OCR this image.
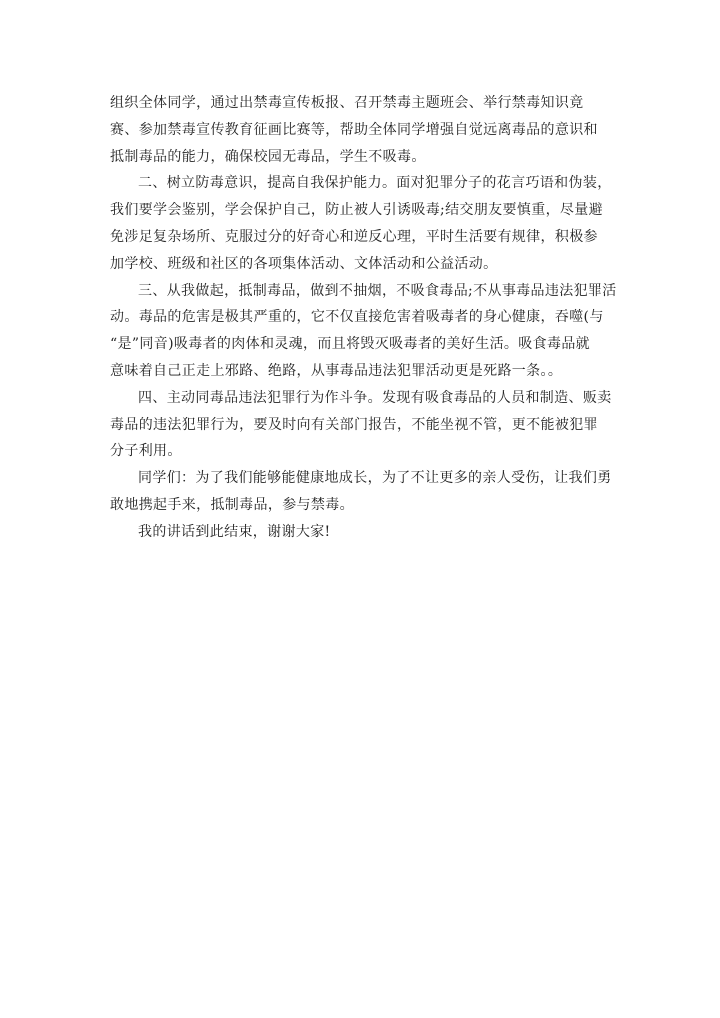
组织全体同学，通过出禁毒宣传板报、召开禁毒主题班会、举行禁毒知识竟
赛、参加禁毒宣传教育征画比赛等，帮助全体同学增强自觉远离毒品的意识和
抵制毒品的能力，确保校园无毒品，学生不吸毒。
二、树立防毒意识，提高自我保护能力。面对犯罪分子的花言巧语和伪装，
我们要学会鉴别，学会保护自己，防止被人引诱吸毒;结交朋友要慎重，尽量避
免涉足复杂场所、克服过分的好奇心和逆反心理，平时生活要有规律，积极参
加学校、班级和社区的各项集体活动、文体活动和公益活动。
三、从我做起，抵制毒品，做到不抽烟，不吸食毒品;不从事毒品违法犯罪活
动。毒品的危害是极其严重的，它不仅直接危害着吸毒者的身心健康，吞噬(与
“是”同音)吸毒者的肉体和灵魂，而且将毁灭吸毒者的美好生活。吸食毒品就
意味着自己正走上邪路、绝路，从事毒品违法犯罪活动更是死路一条。。
四、主动同毒品违法犯罪行为作斗争。发现有吸食毒品的人员和制造、贩卖
毒品的违法犯罪行为，要及时向有关部门报告，不能坐视不管，更不能被犯罪
分子利用。
同学们：为了我们能够能健康地成长，为了不让更多的亲人受伤，让我们勇
敢地携起手来，抵制毒品，参与禁毒。
我的讲话到此结束，谢谢大家!
